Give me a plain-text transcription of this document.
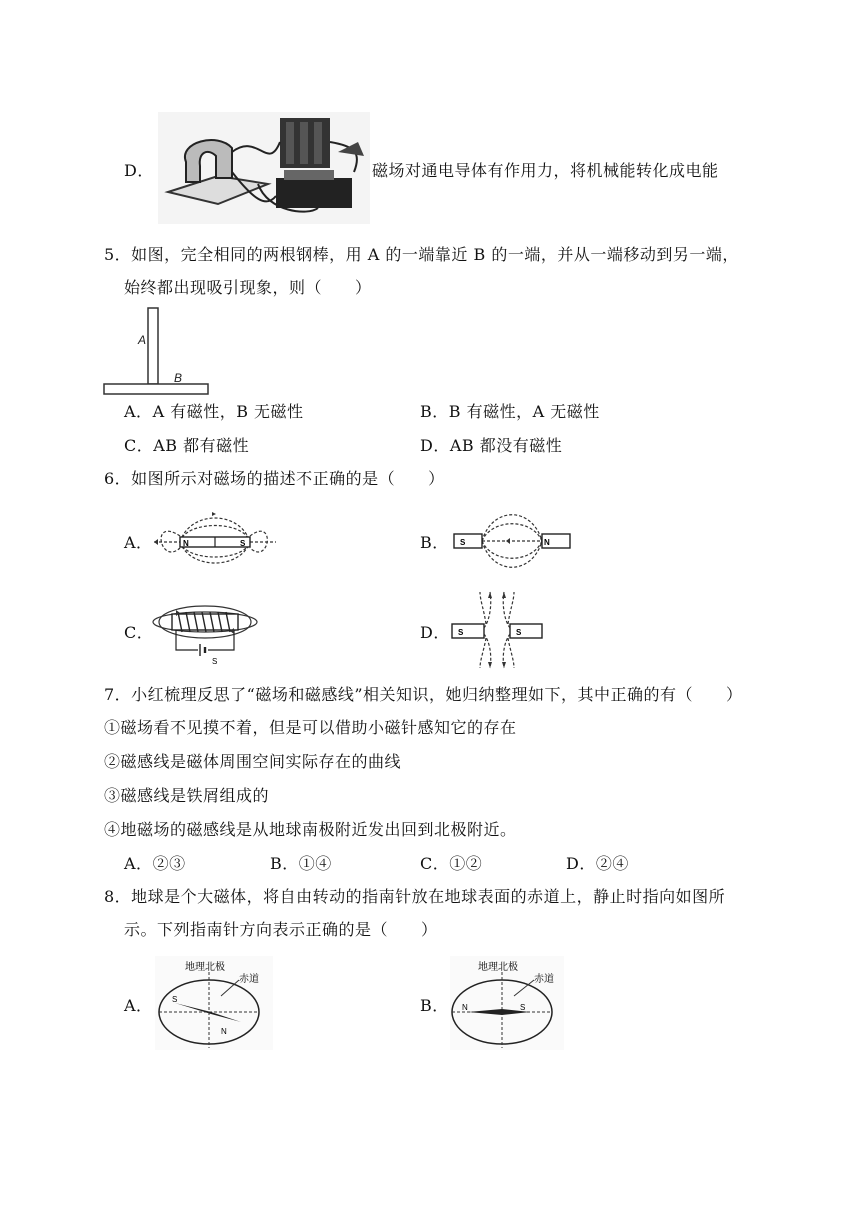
D．	磁场对通电导体有作用力，将机械能转化成电能
5．如图，完全相同的两根钢棒，用 A 的一端靠近 B 的一端，并从一端移动到另一端，
始终都出现吸引现象，则（　　）
A
B
A．A 有磁性，B 无磁性	B．B 有磁性，A 无磁性
C．AB 都有磁性	D．AB 都没有磁性
6．如图所示对磁场的描述不正确的是（　　）
A．	N	S	B． S	N
C．
S
D． S	S
7．小红梳理反思了“磁场和磁感线”相关知识，她归纳整理如下，其中正确的有（　　）
①磁场看不见摸不着，但是可以借助小磁针感知它的存在
②磁感线是磁体周围空间实际存在的曲线
③磁感线是铁屑组成的
④地磁场的磁感线是从地球南极附近发出回到北极附近。
A．②③	B．①④	C．①②	D．②④
8．地球是个大磁体，将自由转动的指南针放在地球表面的赤道上，静止时指向如图所
示。下列指南针方向表示正确的是（　　）
A．
地理北极
赤道
S
N
B．
地理北极
赤道
N	S
